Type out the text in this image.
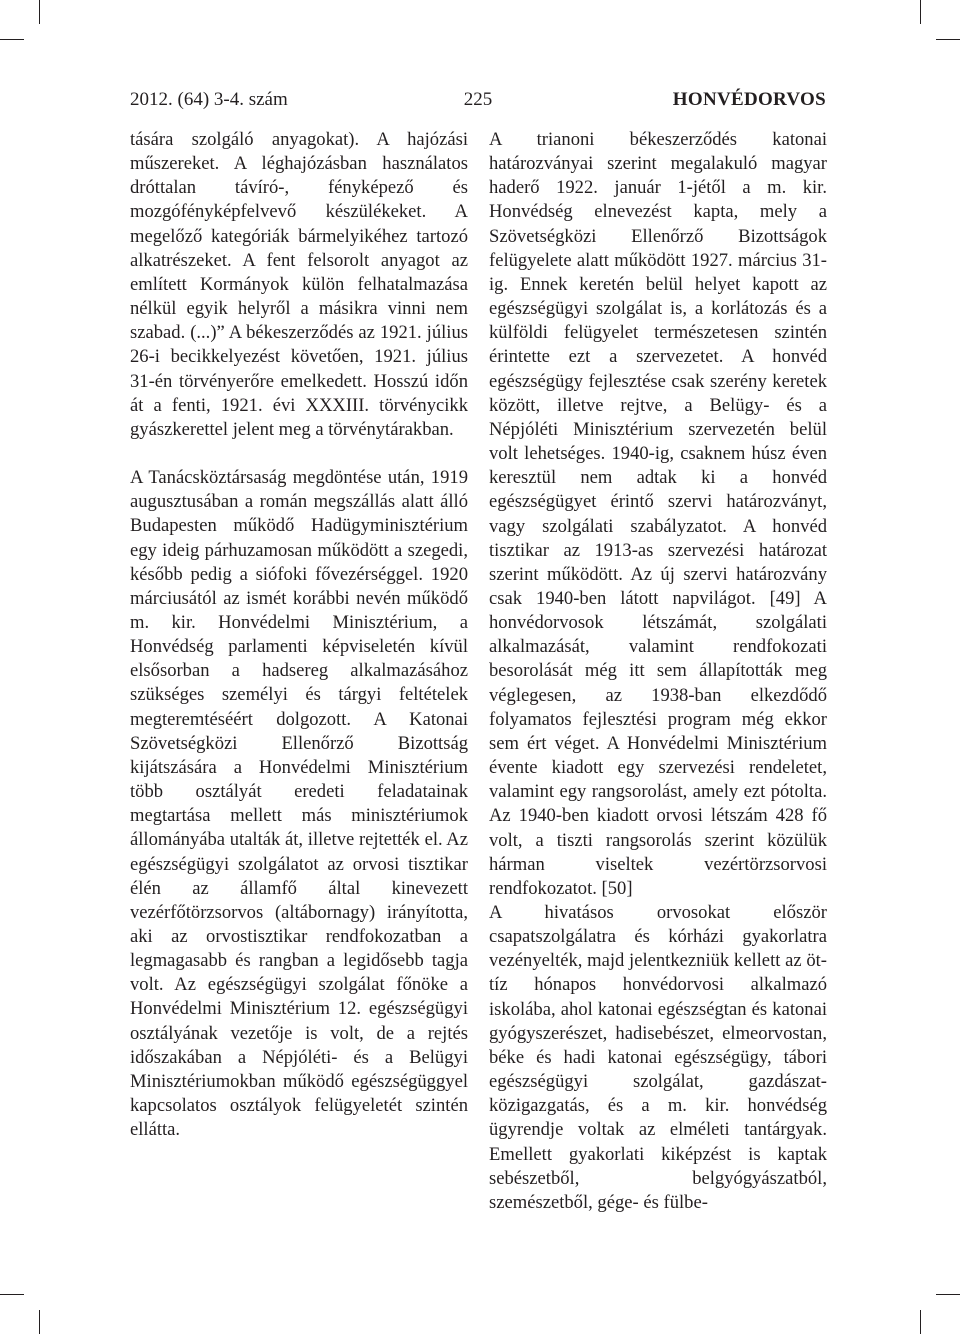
2012. (64) 3-4. szám	225	HONVÉDORVOS

tására szolgáló anyagokat). A hajózási műszereket. A léghajózásban használatos dróttalan távíró-, fényképező és mozgófényképfelvevő készülékeket. A megelőző kategóriák bármelyikéhez tartozó alkatrészeket. A fent felsorolt anyagot az említett Kormányok külön felhatalmazása nélkül egyik helyről a másikra vinni nem szabad. (...)” A békeszerződés az 1921. július 26-i becikkelyezést követően, 1921. július 31-én törvényerőre emelkedett. Hosszú időn át a fenti, 1921. évi XXXIII. törvénycikk gyászkerettel jelent meg a törvénytárakban.

A Tanácsköztársaság megdöntése után, 1919 augusztusában a román megszállás alatt álló Budapesten működő Hadügyminisztérium egy ideig párhuzamosan működött a szegedi, később pedig a siófoki fővezérséggel. 1920 márciusától az ismét korábbi nevén működő m. kir. Honvédelmi Minisztérium, a Honvédség parlamenti képviseletén kívül elsősorban a hadsereg alkalmazásához szükséges személyi és tárgyi feltételek megteremtéséért dolgozott. A Katonai Szövetségközi Ellenőrző Bizottság kijátszására a Honvédelmi Minisztérium több osztályát eredeti feladatainak megtartása mellett más minisztériumok állományába utalták át, illetve rejtették el. Az egészségügyi szolgálatot az orvosi tisztikar élén az államfő által kinevezett vezérfőtörzsorvos (altábornagy) irányította, aki az orvostisztikar rendfokozatban a legmagasabb és rangban a legidősebb tagja volt. Az egészségügyi szolgálat főnöke a Honvédelmi Minisztérium 12. egészségügyi osztályának vezetője is volt, de a rejtés időszakában a Népjóléti- és a Belügyi Minisztériumokban működő egészségüggyel kapcsolatos osztályok felügyeletét szintén ellátta.

A trianoni békeszerződés katonai határozványai szerint megalakuló magyar haderő 1922. január 1-jétől a m. kir. Honvédség elnevezést kapta, mely a Szövetségközi Ellenőrző Bizottságok felügyelete alatt működött 1927. március 31-ig. Ennek keretén belül helyet kapott az egészségügyi szolgálat is, a korlátozás és a külföldi felügyelet természetesen szintén érintette ezt a szervezetet. A honvéd egészségügy fejlesztése csak szerény keretek között, illetve rejtve, a Belügy- és a Népjóléti Minisztérium szervezetén belül volt lehetséges. 1940-ig, csaknem húsz éven keresztül nem adtak ki a honvéd egészségügyet érintő szervi határozványt, vagy szolgálati szabályzatot. A honvéd tisztikar az 1913-as szervezési határozat szerint működött. Az új szervi határozvány csak 1940-ben látott napvilágot. [49] A honvédorvosok létszámát, szolgálati alkalmazását, valamint rendfokozati besorolását még itt sem állapították meg véglegesen, az 1938-ban elkezdődő folyamatos fejlesztési program még ekkor sem ért véget. A Honvédelmi Minisztérium évente kiadott egy szervezési rendeletet, valamint egy rangsorolást, amely ezt pótolta. Az 1940-ben kiadott orvosi létszám 428 fő volt, a tiszti rangsorolás szerint közülük hárman viseltek vezértörzsorvosi rendfokozatot. [50]

A hivatásos orvosokat először csapatszolgálatra és kórházi gyakorlatra vezényelték, majd jelentkezniük kellett az öt-tíz hónapos honvédorvosi alkalmazó iskolába, ahol katonai egészségtan és katonai gyógyszerészet, hadisebészet, elmeorvostan, béke és hadi katonai egészségügy, tábori egészségügyi szolgálat, gazdászat-közigazgatás, és a m. kir. honvédség ügyrendje voltak az elméleti tantárgyak. Emellett gyakorlati kiképzést is kaptak sebészetből, belgyógyászatból, szemészetből, gége- és fülbe-
